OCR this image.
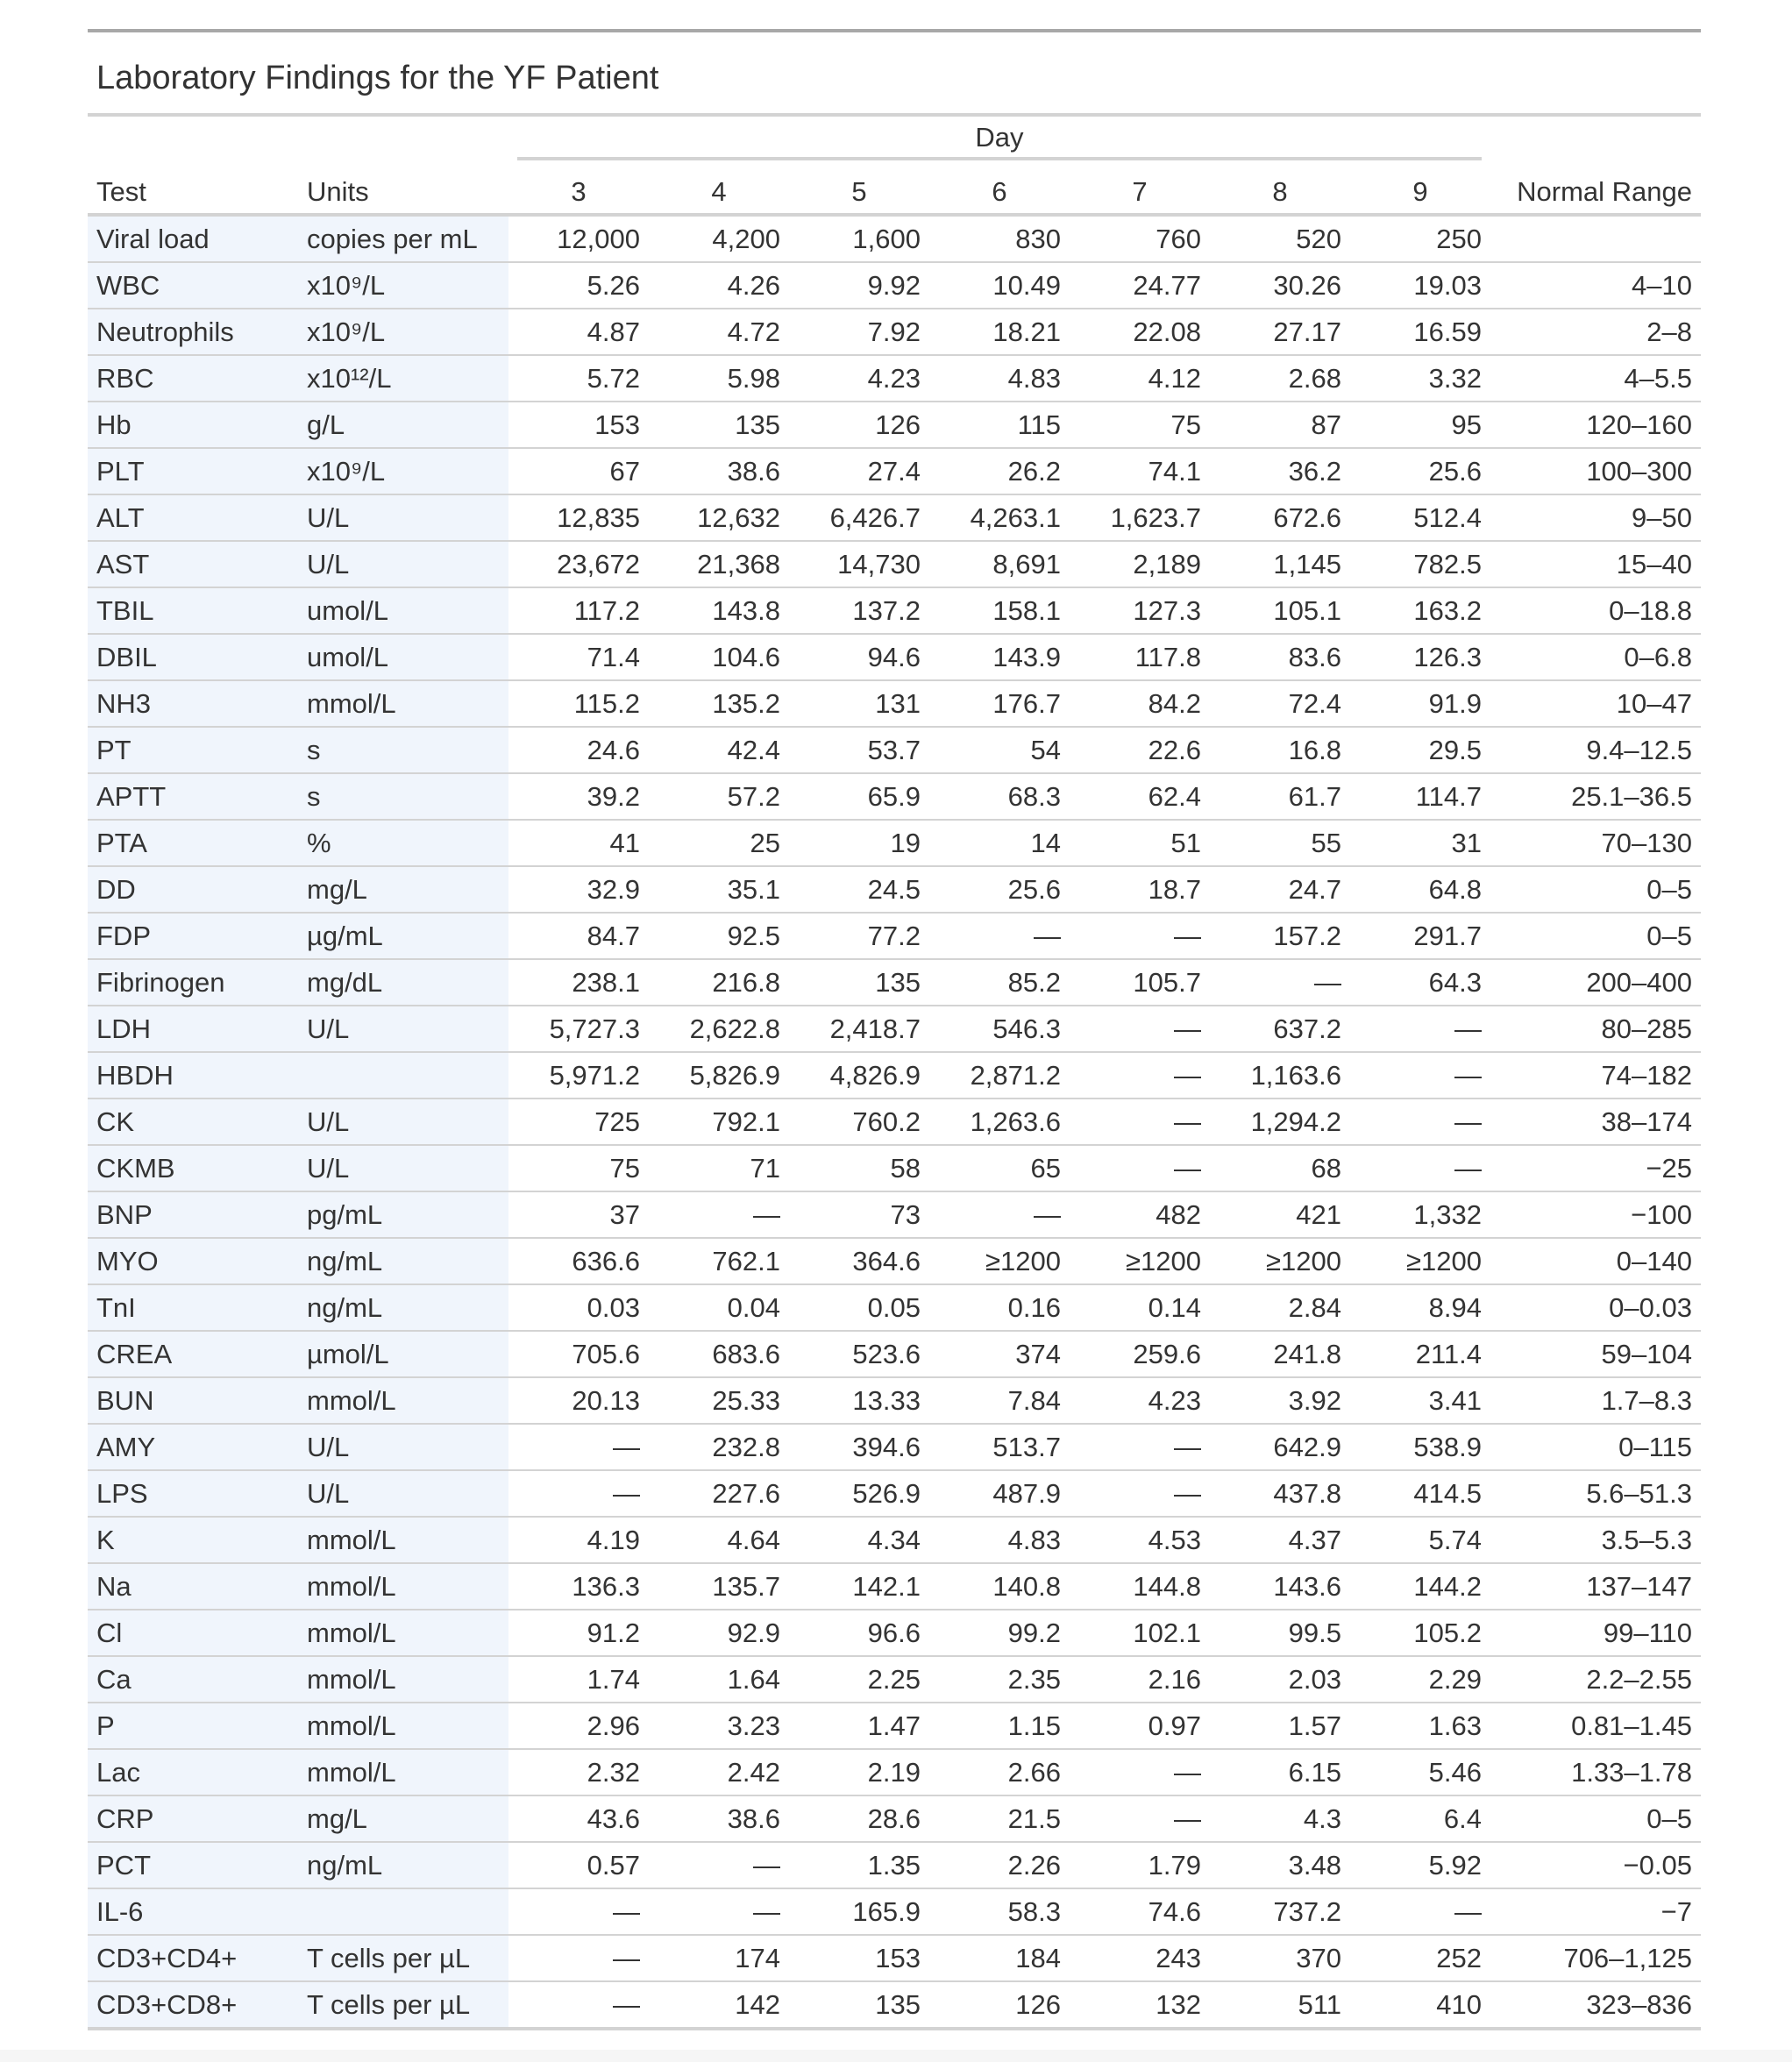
Laboratory Findings for the YF Patient

		Day							

Test	Units	3	4	5	6	7	8	9	Normal Range
Viral load	copies per mL	12,000	4,200	1,600	830	760	520	250	
WBC	x10⁹/L	5.26	4.26	9.92	10.49	24.77	30.26	19.03	4–10
Neutrophils	x10⁹/L	4.87	4.72	7.92	18.21	22.08	27.17	16.59	2–8
RBC	x10¹²/L	5.72	5.98	4.23	4.83	4.12	2.68	3.32	4–5.5
Hb	g/L	153	135	126	115	75	87	95	120–160
PLT	x10⁹/L	67	38.6	27.4	26.2	74.1	36.2	25.6	100–300
ALT	U/L	12,835	12,632	6,426.7	4,263.1	1,623.7	672.6	512.4	9–50
AST	U/L	23,672	21,368	14,730	8,691	2,189	1,145	782.5	15–40
TBIL	umol/L	117.2	143.8	137.2	158.1	127.3	105.1	163.2	0–18.8
DBIL	umol/L	71.4	104.6	94.6	143.9	117.8	83.6	126.3	0–6.8
NH3	mmol/L	115.2	135.2	131	176.7	84.2	72.4	91.9	10–47
PT	s	24.6	42.4	53.7	54	22.6	16.8	29.5	9.4–12.5
APTT	s	39.2	57.2	65.9	68.3	62.4	61.7	114.7	25.1–36.5
PTA	%	41	25	19	14	51	55	31	70–130
DD	mg/L	32.9	35.1	24.5	25.6	18.7	24.7	64.8	0–5
FDP	µg/mL	84.7	92.5	77.2	—	—	157.2	291.7	0–5
Fibrinogen	mg/dL	238.1	216.8	135	85.2	105.7	—	64.3	200–400
LDH	U/L	5,727.3	2,622.8	2,418.7	546.3	—	637.2	—	80–285
HBDH		5,971.2	5,826.9	4,826.9	2,871.2	—	1,163.6	—	74–182
CK	U/L	725	792.1	760.2	1,263.6	—	1,294.2	—	38–174
CKMB	U/L	75	71	58	65	—	68	—	−25
BNP	pg/mL	37	—	73	—	482	421	1,332	−100
MYO	ng/mL	636.6	762.1	364.6	≥1200	≥1200	≥1200	≥1200	0–140
TnI	ng/mL	0.03	0.04	0.05	0.16	0.14	2.84	8.94	0–0.03
CREA	µmol/L	705.6	683.6	523.6	374	259.6	241.8	211.4	59–104
BUN	mmol/L	20.13	25.33	13.33	7.84	4.23	3.92	3.41	1.7–8.3
AMY	U/L	—	232.8	394.6	513.7	—	642.9	538.9	0–115
LPS	U/L	—	227.6	526.9	487.9	—	437.8	414.5	5.6–51.3
K	mmol/L	4.19	4.64	4.34	4.83	4.53	4.37	5.74	3.5–5.3
Na	mmol/L	136.3	135.7	142.1	140.8	144.8	143.6	144.2	137–147
Cl	mmol/L	91.2	92.9	96.6	99.2	102.1	99.5	105.2	99–110
Ca	mmol/L	1.74	1.64	2.25	2.35	2.16	2.03	2.29	2.2–2.55
P	mmol/L	2.96	3.23	1.47	1.15	0.97	1.57	1.63	0.81–1.45
Lac	mmol/L	2.32	2.42	2.19	2.66	—	6.15	5.46	1.33–1.78
CRP	mg/L	43.6	38.6	28.6	21.5	—	4.3	6.4	0–5
PCT	ng/mL	0.57	—	1.35	2.26	1.79	3.48	5.92	−0.05
IL-6		—	—	165.9	58.3	74.6	737.2	—	−7
CD3+CD4+	T cells per µL	—	174	153	184	243	370	252	706–1,125
CD3+CD8+	T cells per µL	—	142	135	126	132	511	410	323–836
